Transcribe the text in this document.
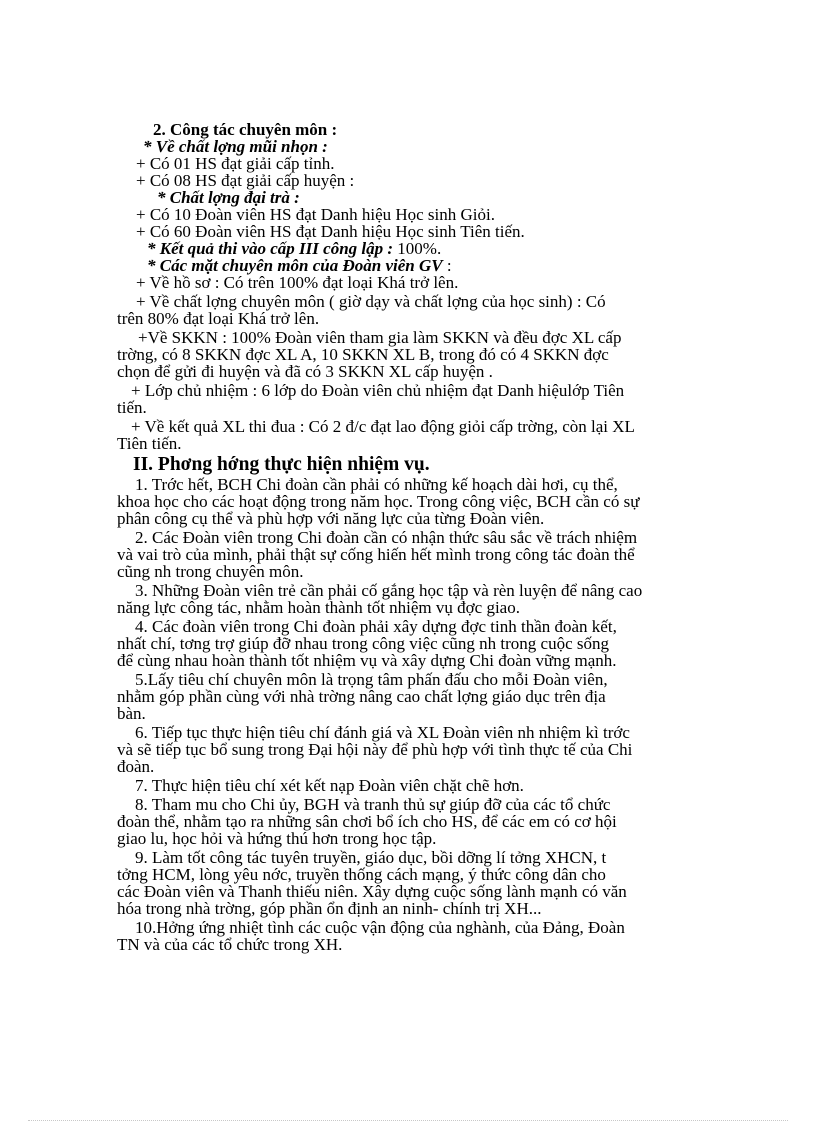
2. Công tác chuyên môn :
* Về chất lợng mũi nhọn :
+ Có 01 HS đạt giải cấp tỉnh.
+ Có 08 HS đạt giải cấp huyện :
* Chất lợng đại trà :
+ Có 10 Đoàn viên HS đạt Danh hiệu Học sinh Giỏi.
+ Có 60 Đoàn viên HS đạt Danh hiệu Học sinh Tiên tiến.
* Kết quả thi vào cấp III công lập : 100%.
* Các mặt chuyên môn của Đoàn viên GV :
+ Về hồ sơ : Có trên 100% đạt loại Khá trở lên.
+ Về chất lợng chuyên môn ( giờ dạy và chất lợng của học sinh) : Có
trên 80% đạt loại Khá trở lên.
+Về SKKN : 100% Đoàn viên tham gia làm SKKN và đều đợc XL cấp
trờng, có 8 SKKN đợc XL A, 10 SKKN XL B, trong đó có 4 SKKN đợc
chọn để gửi đi huyện và đã có 3 SKKN XL cấp huyện .
+ Lớp chủ nhiệm : 6 lớp do Đoàn viên chủ nhiệm đạt Danh hiệulớp Tiên
tiến.
+ Về kết quả XL thi đua : Có 2 đ/c đạt lao động giỏi cấp trờng, còn lại XL
Tiên tiến.
II. Phơng hớng thực hiện nhiệm vụ.
1. Trớc hết, BCH Chi đoàn cần phải có những kế hoạch dài hơi, cụ thể,
khoa học cho các hoạt động trong năm học. Trong công việc, BCH cần có sự
phân công cụ thể và phù hợp với năng lực của từng Đoàn viên.
2. Các Đoàn viên trong Chi đoàn cần có nhận thức sâu sắc về trách nhiệm
và vai trò của mình, phải thật sự cống hiến hết mình trong công tác đoàn thể
cũng nh trong chuyên môn.
3. Những Đoàn viên trẻ cần phải cố gắng học tập và rèn luyện để nâng cao
năng lực công tác, nhằm hoàn thành tốt nhiệm vụ đợc giao.
4. Các đoàn viên trong Chi đoàn phải xây dựng đợc tinh thần đoàn kết,
nhất chí, tơng trợ giúp đỡ nhau trong công việc cũng nh trong cuộc sống
để cùng nhau hoàn thành tốt nhiệm vụ và xây dựng Chi đoàn vững mạnh.
5.Lấy tiêu chí chuyên môn là trọng tâm phấn đấu cho mỗi Đoàn viên,
nhằm góp phần cùng với nhà trờng nâng cao chất lợng giáo dục trên địa
bàn.
6. Tiếp tục thực hiện tiêu chí đánh giá và XL Đoàn viên nh nhiệm kì trớc
và sẽ tiếp tục bổ sung trong Đại hội này để phù hợp với tình thực tế của Chi
đoàn.
7. Thực hiện tiêu chí xét kết nạp Đoàn viên chặt chẽ hơn.
8. Tham mu cho Chi ủy, BGH và tranh thủ sự giúp đỡ của các tổ chức
đoàn thể, nhằm tạo ra những sân chơi bổ ích cho HS, để các em có cơ hội
giao lu, học hỏi và hứng thú hơn trong học tập.
9. Làm tốt công tác tuyên truyền, giáo dục, bồi dỡng lí tởng XHCN, t
tởng HCM, lòng yêu nớc, truyền thống cách mạng, ý thức công dân cho
các Đoàn viên và Thanh thiếu niên. Xây dựng cuộc sống lành mạnh có văn
hóa trong nhà trờng, góp phần ổn định an ninh- chính trị XH...
10.Hởng ứng nhiệt tình các cuộc vận động của nghành, của Đảng, Đoàn
TN và của các tổ chức trong XH.
